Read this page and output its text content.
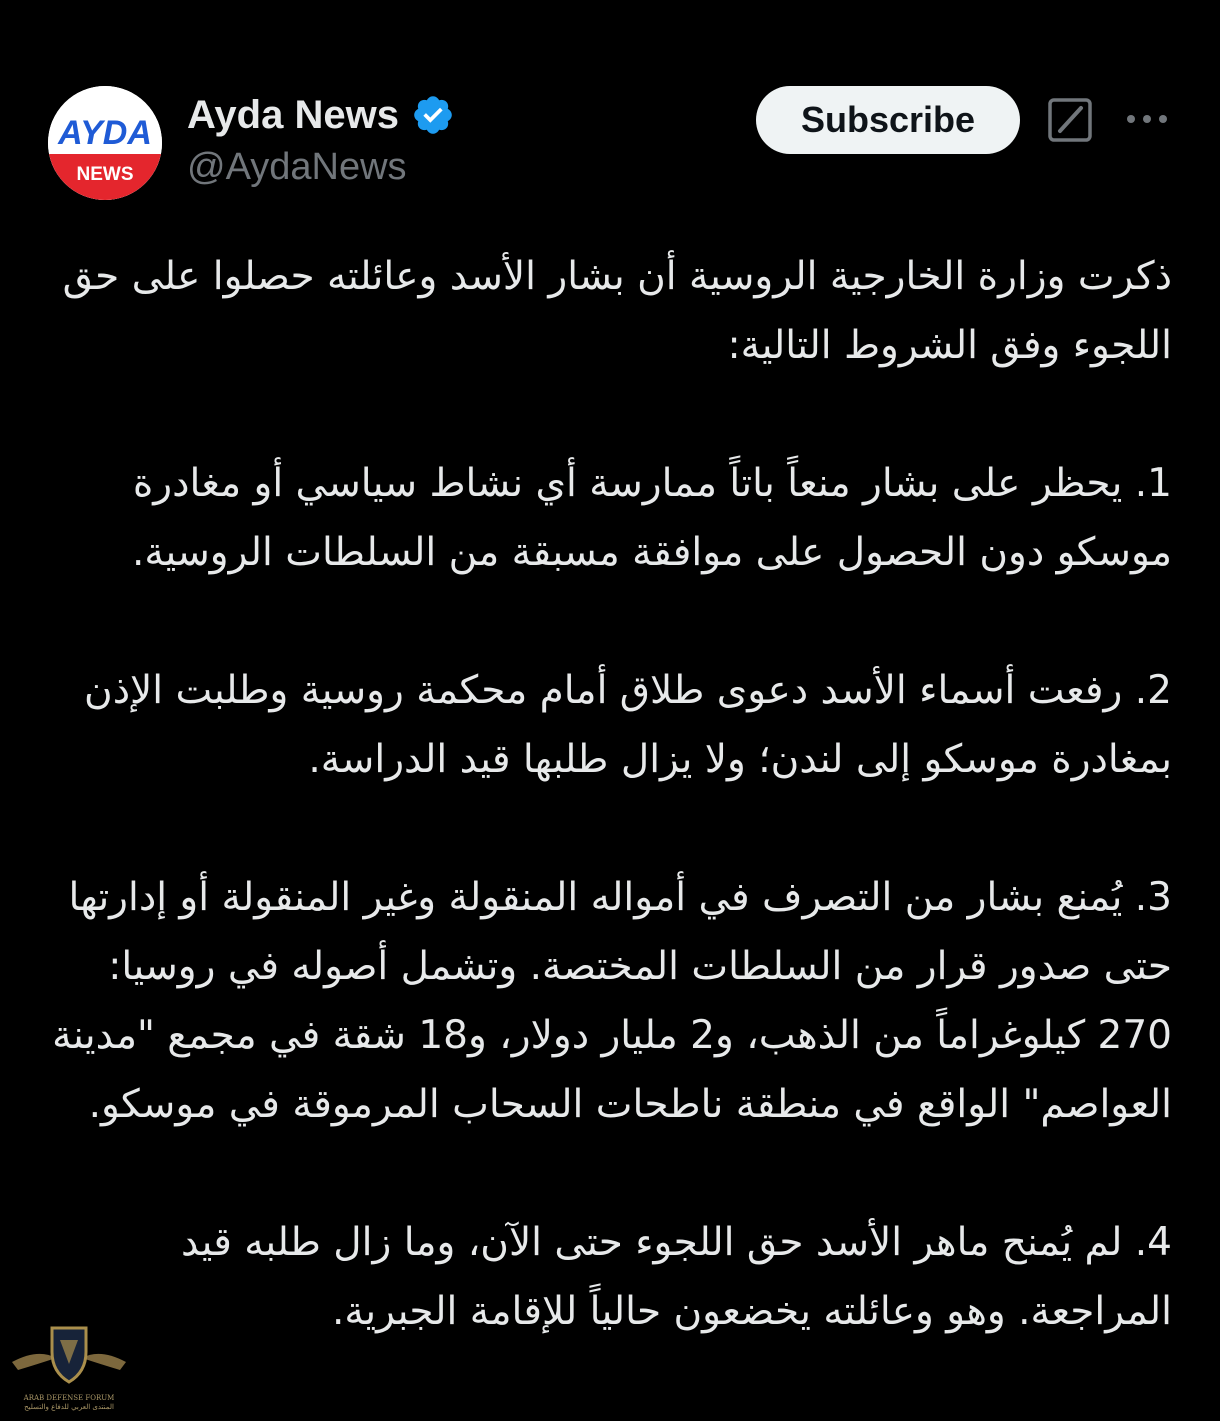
AYDA
NEWS
Ayda News
@AydaNews
Subscribe

ذكرت وزارة الخارجية الروسية أن بشار الأسد وعائلته حصلوا على حق اللجوء وفق الشروط التالية:

1. يحظر على بشار منعاً باتاً ممارسة أي نشاط سياسي أو مغادرة موسكو دون الحصول على موافقة مسبقة من السلطات الروسية.

2. رفعت أسماء الأسد دعوى طلاق أمام محكمة روسية وطلبت الإذن بمغادرة موسكو إلى لندن؛ ولا يزال طلبها قيد الدراسة.

3. يُمنع بشار من التصرف في أمواله المنقولة وغير المنقولة أو إدارتها حتى صدور قرار من السلطات المختصة. وتشمل أصوله في روسيا: 270 كيلوغراماً من الذهب، و2 مليار دولار، و18 شقة في مجمع "مدينة العواصم" الواقع في منطقة ناطحات السحاب المرموقة في موسكو.

4. لم يُمنح ماهر الأسد حق اللجوء حتى الآن، وما زال طلبه قيد المراجعة. وهو وعائلته يخضعون حالياً للإقامة الجبرية.

ARAB DEFENSE FORUM
المنتدى العربي للدفاع والتسليح
